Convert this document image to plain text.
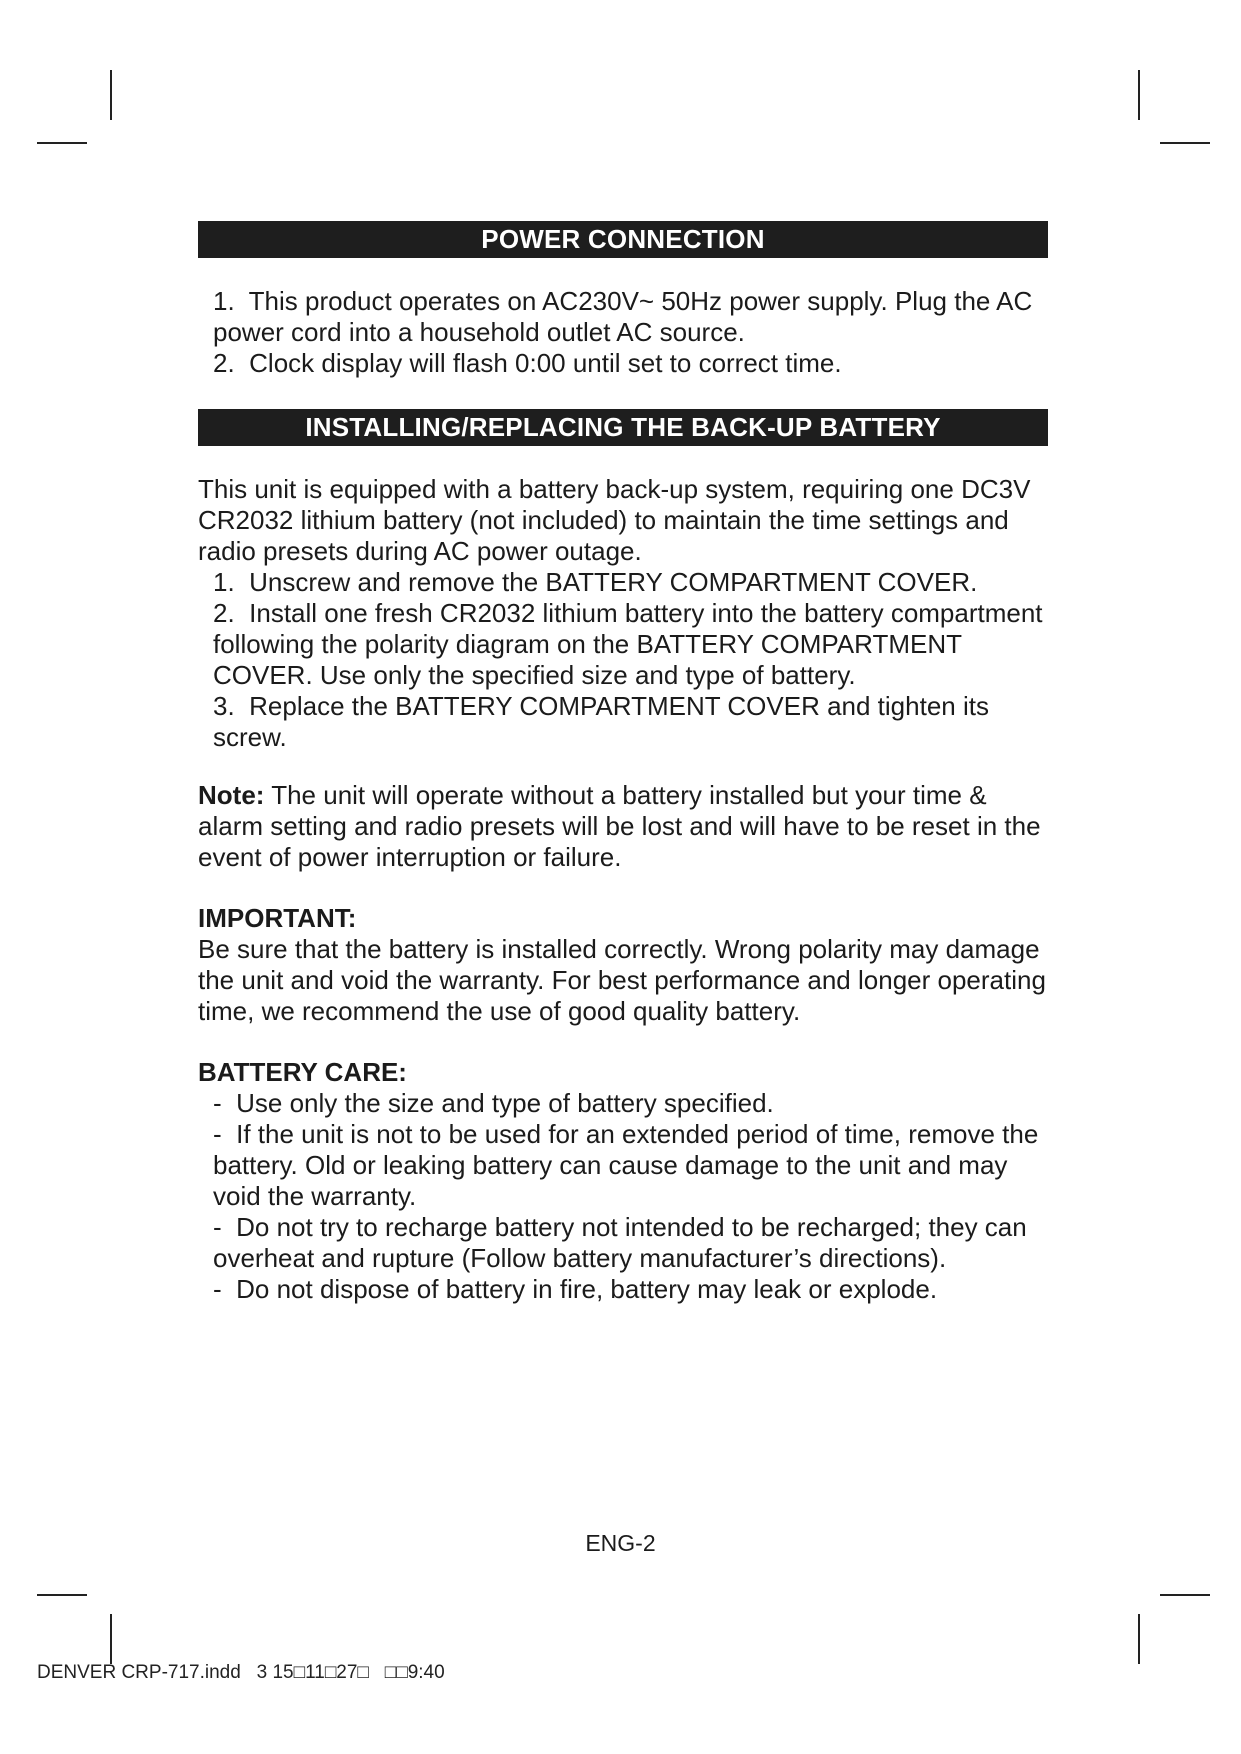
POWER CONNECTION
1. This product operates on AC230V~ 50Hz power supply. Plug the AC power cord into a household outlet AC source.
2. Clock display will flash 0:00 until set to correct time.
INSTALLING/REPLACING THE BACK-UP BATTERY
This unit is equipped with a battery back-up system, requiring one DC3V CR2032 lithium battery (not included) to maintain the time settings and radio presets during AC power outage.
1. Unscrew and remove the BATTERY COMPARTMENT COVER.
2. Install one fresh CR2032 lithium battery into the battery compartment following the polarity diagram on the BATTERY COMPARTMENT COVER. Use only the specified size and type of battery.
3. Replace the BATTERY COMPARTMENT COVER and tighten its screw.
Note: The unit will operate without a battery installed but your time & alarm setting and radio presets will be lost and will have to be reset in the event of power interruption or failure.
IMPORTANT:
Be sure that the battery is installed correctly. Wrong polarity may damage the unit and void the warranty. For best performance and longer operating time, we recommend the use of good quality battery.
BATTERY CARE:
- Use only the size and type of battery specified.
- If the unit is not to be used for an extended period of time, remove the battery. Old or leaking battery can cause damage to the unit and may void the warranty.
- Do not try to recharge battery not intended to be recharged; they can overheat and rupture (Follow battery manufacturer’s directions).
- Do not dispose of battery in fire, battery may leak or explode.
ENG-2
DENVER CRP-717.indd   3 15□11□27□   □□9:40
